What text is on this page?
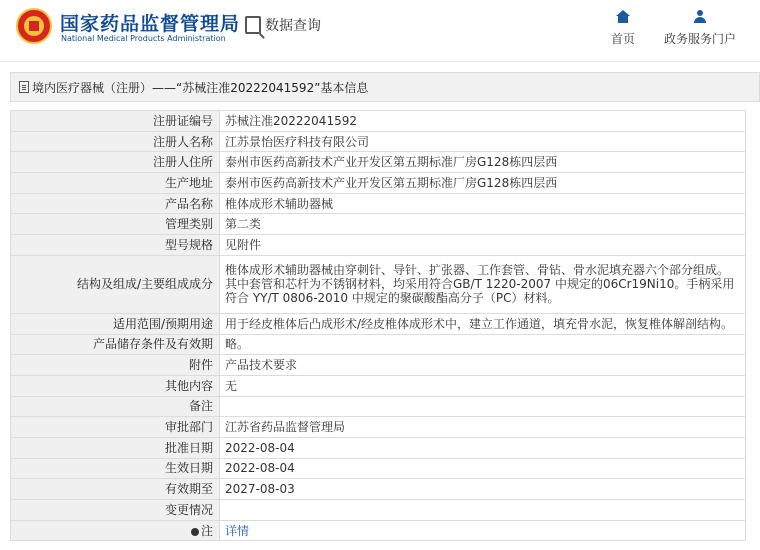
国家药品监督管理局
National Medical Products Administration
数据查询
首页	政务服务门户
境内医疗器械（注册）——“苏械注准20222041592”基本信息
注册证编号	苏械注准20222041592
注册人名称	江苏景怡医疗科技有限公司
注册人住所	泰州市医药高新技术产业开发区第五期标准厂房G128栋四层西
生产地址	泰州市医药高新技术产业开发区第五期标准厂房G128栋四层西
产品名称	椎体成形术辅助器械
管理类别	第二类
型号规格	见附件
结构及组成/主要组成成分	椎体成形术辅助器械由穿刺针、导针、扩张器、工作套管、骨钻、骨水泥填充器六个部分组成。其中套管和芯杆为不锈钢材料，均采用符合GB/T 1220-2007 中规定的06Cr19Ni10。手柄采用符合 YY/T 0806-2010 中规定的聚碳酸酯高分子（PC）材料。
适用范围/预期用途	用于经皮椎体后凸成形术/经皮椎体成形术中，建立工作通道，填充骨水泥，恢复椎体解剖结构。
产品储存条件及有效期	略。
附件	产品技术要求
其他内容	无
备注	
审批部门	江苏省药品监督管理局
批准日期	2022-08-04
生效日期	2022-08-04
有效期至	2027-08-03
变更情况	
注	详情
